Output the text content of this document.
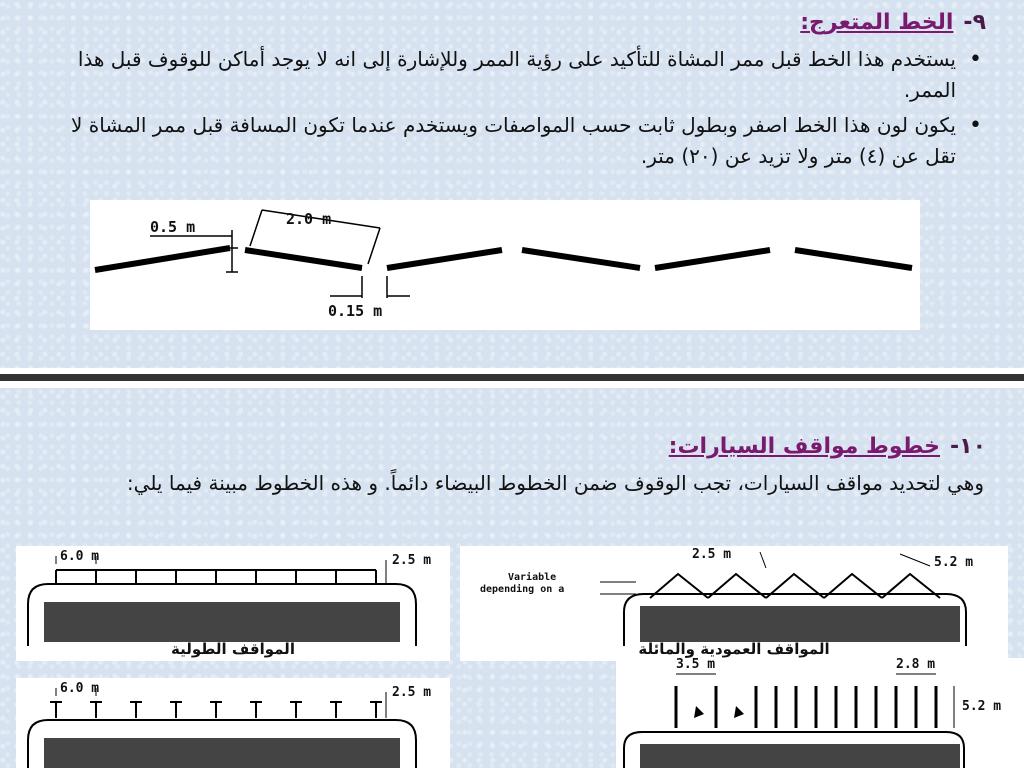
٩-الخط المتعرج:
• يستخدم هذا الخط قبل ممر المشاة للتأكيد على رؤية الممر وللإشارة إلى انه لا يوجد أماكن للوقوف قبل هذا الممر.
• يكون لون هذا الخط اصفر وبطول ثابت حسب المواصفات ويستخدم عندما تكون المسافة قبل ممر المشاة لا تقل عن (٤) متر ولا تزيد عن (٢٠) متر.
0.5 m	2.0 m
0.15 m
١٠-خطوط مواقف السيارات:
وهي لتحديد مواقف السيارات، تجب الوقوف ضمن الخطوط البيضاء دائماً. و هذه الخطوط مبينة فيما يلي:
6.0 m	2.5 m
المواقف الطولية
2.5 m
5.2 m
Variable
depending on a
المواقف العمودية والمائلة
6.0 m	2.5 m
3.5 m	2.8 m
5.2 m
